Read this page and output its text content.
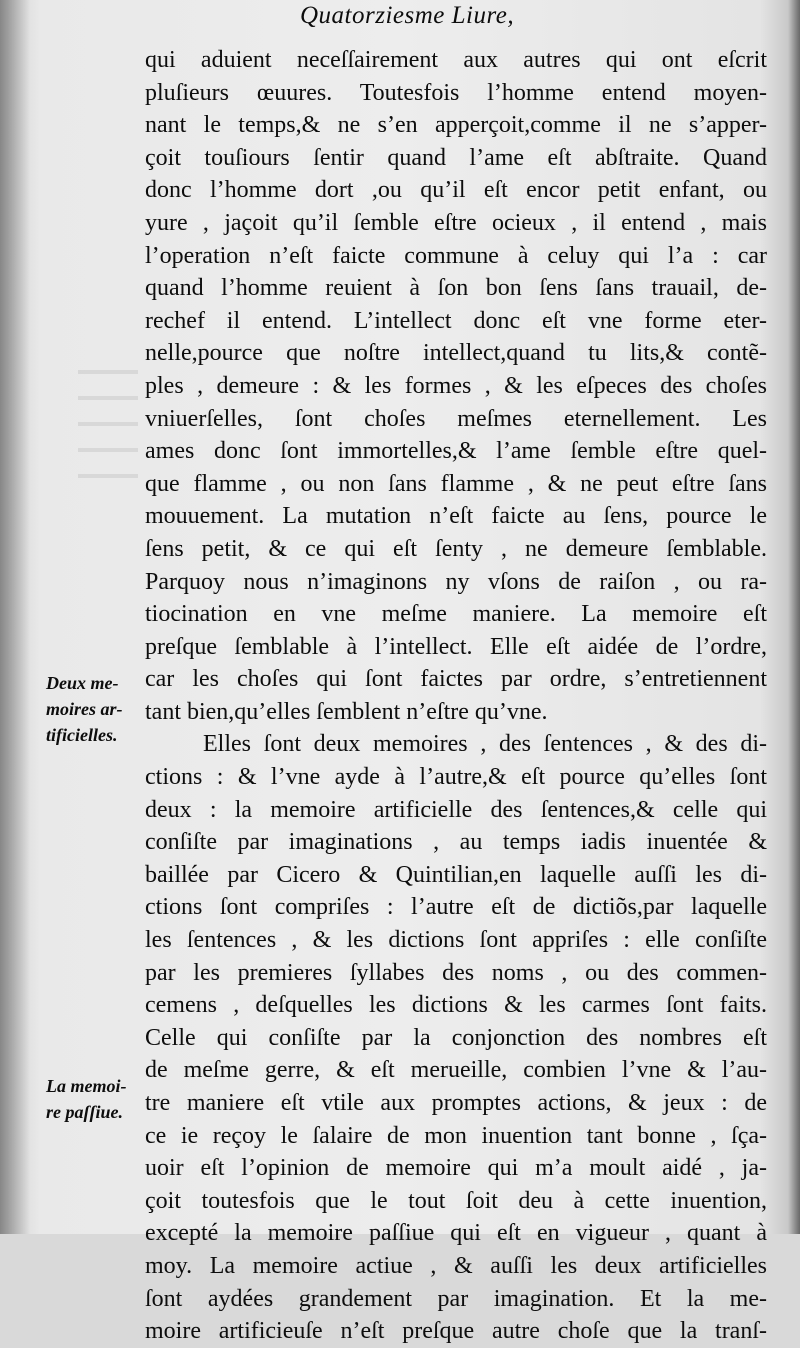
Quatorziesme Liure,
qui aduient neceſſairement aux autres qui ont eſcrit
pluſieurs œuures. Toutesfois l’homme entend moyen-
nant le temps,& ne s’en apperçoit,comme il ne s’apper-
çoit touſiours ſentir quand l’ame eſt abſtraite. Quand
donc l’homme dort ,ou qu’il eſt encor petit enfant, ou
yure , jaçoit qu’il ſemble eſtre ocieux , il entend , mais
l’operation n’eſt faicte commune à celuy qui l’a : car
quand l’homme reuient à ſon bon ſens ſans trauail, de-
rechef il entend. L’intellect donc eſt vne forme eter-
nelle,pource que noſtre intellect,quand tu lits,& contẽ-
ples , demeure : & les formes , & les eſpeces des choſes
vniuerſelles, ſont choſes meſmes eternellement. Les
ames donc ſont immortelles,& l’ame ſemble eſtre quel-
que flamme , ou non ſans flamme , & ne peut eſtre ſans
mouuement. La mutation n’eſt faicte au ſens, pource le
ſens petit, & ce qui eſt ſenty , ne demeure ſemblable.
Parquoy nous n’imaginons ny vſons de raiſon , ou ra-
tiocination en vne meſme maniere. La memoire eſt
preſque ſemblable à l’intellect. Elle eſt aidée de l’ordre,
car les choſes qui ſont faictes par ordre, s’entretiennent
tant bien,qu’elles ſemblent n’eſtre qu’vne.
Elles ſont deux memoires , des ſentences , & des di-
ctions : & l’vne ayde à l’autre,& eſt pource qu’elles ſont
deux : la memoire artificielle des ſentences,& celle qui
conſiſte par imaginations , au temps iadis inuentée &
baillée par Cicero & Quintilian,en laquelle auſſi les di-
ctions ſont compriſes : l’autre eſt de dictiõs,par laquelle
les ſentences , & les dictions ſont appriſes : elle conſiſte
par les premieres ſyllabes des noms , ou des commen-
cemens , deſquelles les dictions & les carmes ſont faits.
Celle qui conſiſte par la conjonction des nombres eſt
de meſme gerre, & eſt merueille, combien l’vne & l’au-
tre maniere eſt vtile aux promptes actions, & jeux : de
ce ie reçoy le ſalaire de mon inuention tant bonne , ſça-
uoir eſt l’opinion de memoire qui m’a moult aidé , ja-
çoit toutesfois que le tout ſoit deu à cette inuention,
excepté la memoire paſſiue qui eſt en vigueur , quant à
moy. La memoire actiue , & auſſi les deux artificielles
ſont aydées grandement par imagination. Et la me-
moire artificieuſe n’eſt preſque autre choſe que la tranſ-
Deux me-
moires ar-
tificielles.
La memoi-
re paſſiue.
